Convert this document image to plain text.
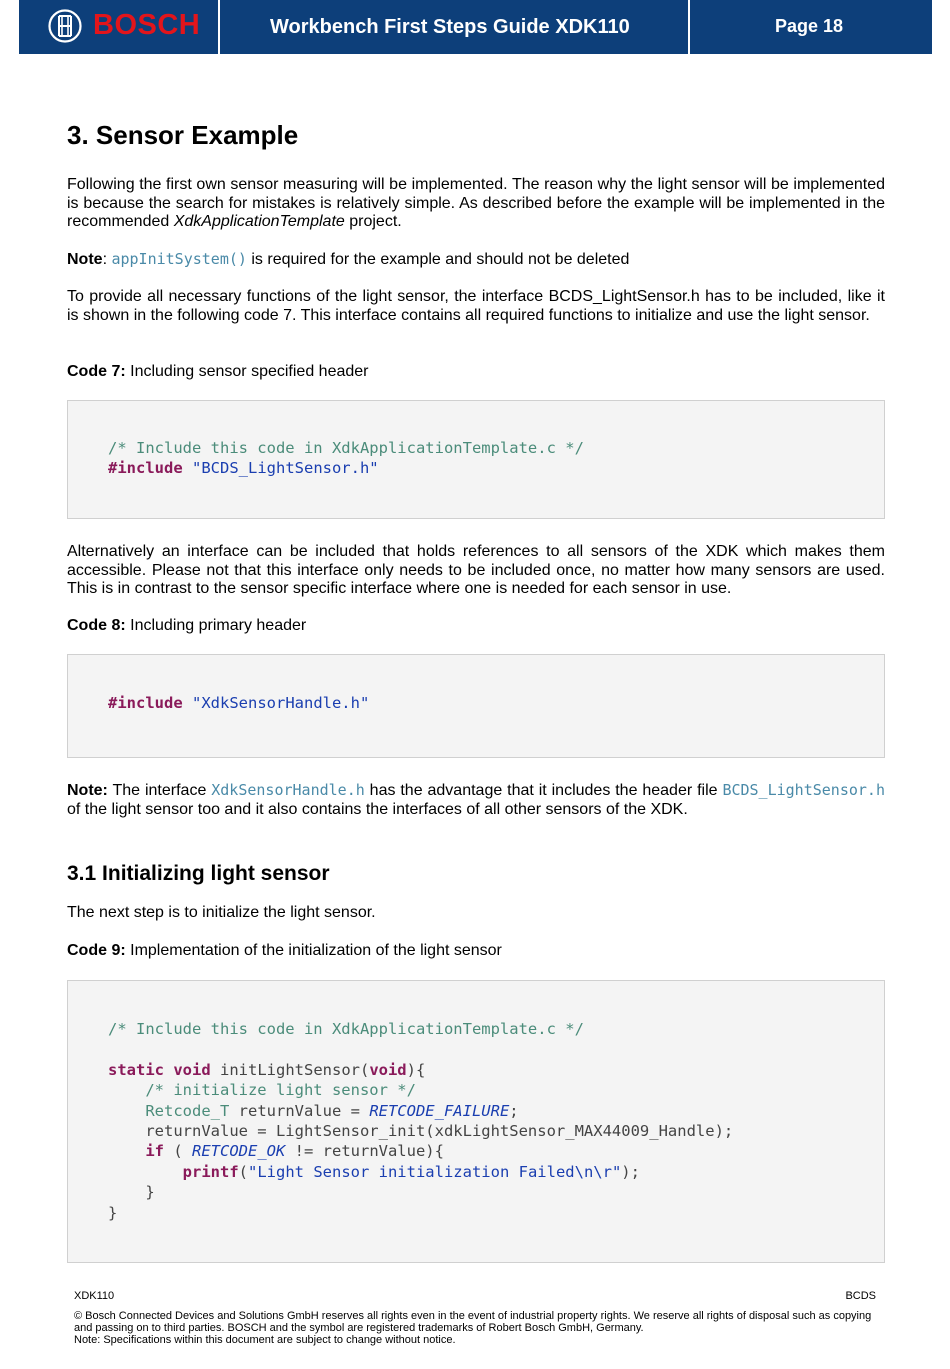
BOSCH	Workbench First Steps Guide XDK110	Page 18
3. Sensor Example

Following the first own sensor measuring will be implemented. The reason why the light sensor will be implemented is because the search for mistakes is relatively simple. As described before the example will be implemented in the recommended XdkApplicationTemplate project.

Note: appInitSystem() is required for the example and should not be deleted

To provide all necessary functions of the light sensor, the interface BCDS_LightSensor.h has to be included, like it is shown in the following code 7. This interface contains all required functions to initialize and use the light sensor.

Code 7: Including sensor specified header
/* Include this code in XdkApplicationTemplate.c */
#include "BCDS_LightSensor.h"

Alternatively an interface can be included that holds references to all sensors of the XDK which makes them accessible. Please not that this interface only needs to be included once, no matter how many sensors are used. This is in contrast to the sensor specific interface where one is needed for each sensor in use.

Code 8: Including primary header
#include "XdkSensorHandle.h"

Note: The interface XdkSensorHandle.h has the advantage that it includes the header file BCDS_LightSensor.h of the light sensor too and it also contains the interfaces of all other sensors of the XDK.

3.1 Initializing light sensor

The next step is to initialize the light sensor.

Code 9: Implementation of the initialization of the light sensor
/* Include this code in XdkApplicationTemplate.c */

static void initLightSensor(void){
/* initialize light sensor */
Retcode_T returnValue = RETCODE_FAILURE;
returnValue = LightSensor_init(xdkLightSensor_MAX44009_Handle);
if ( RETCODE_OK != returnValue){
printf("Light Sensor initialization Failed\n\r");
}
}
XDK110	BCDS
© Bosch Connected Devices and Solutions GmbH reserves all rights even in the event of industrial property rights. We reserve all rights of disposal such as copying and passing on to third parties. BOSCH and the symbol are registered trademarks of Robert Bosch GmbH, Germany.
Note: Specifications within this document are subject to change without notice.
